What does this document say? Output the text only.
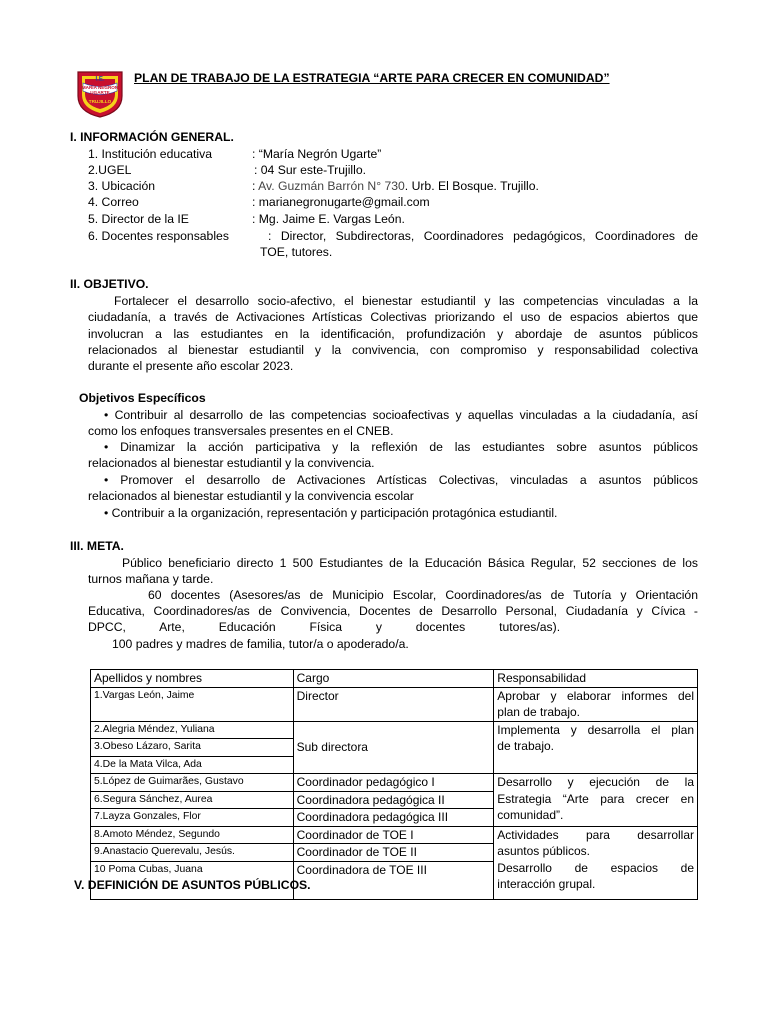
I.E.
MARIA NEGRON
UGARTE
TRUJILLO
PLAN DE TRABAJO DE LA ESTRATEGIA “ARTE PARA CRECER EN COMUNIDAD”
I. INFORMACIÓN GENERAL.
1. Institución educativa	: “María Negrón Ugarte”
2.UGEL	: 04 Sur este-Trujillo.
3. Ubicación	: Av. Guzmán Barrón N° 730. Urb. El Bosque. Trujillo.
4. Correo	: marianegronugarte@gmail.com
5. Director de la IE	: Mg. Jaime E. Vargas León.
6. Docentes responsables	: Director, Subdirectoras, Coordinadores pedagógicos, Coordinadores de
TOE, tutores.
II. OBJETIVO.
Fortalecer el desarrollo socio-afectivo, el bienestar estudiantil y las competencias vinculadas a la
ciudadanía, a través de Activaciones Artísticas Colectivas priorizando el uso de espacios abiertos que
involucran a las estudiantes en la identificación, profundización y abordaje de asuntos públicos
relacionados al bienestar estudiantil y la convivencia, con compromiso y responsabilidad colectiva
durante el presente año escolar 2023.
Objetivos Específicos
• Contribuir al desarrollo de las competencias socioafectivas y aquellas vinculadas a la ciudadanía, así
como los enfoques transversales presentes en el CNEB.
• Dinamizar la acción participativa y la reflexión de las estudiantes sobre asuntos públicos
relacionados al bienestar estudiantil y la convivencia.
• Promover el desarrollo de Activaciones Artísticas Colectivas, vinculadas a asuntos públicos
relacionados al bienestar estudiantil y la convivencia escolar
• Contribuir a la organización, representación y participación protagónica estudiantil.
III. META.
Público beneficiario directo 1 500 Estudiantes de la Educación Básica Regular, 52 secciones de los
turnos mañana y tarde.
60 docentes (Asesores/as de Municipio Escolar, Coordinadores/as de Tutoría y Orientación
Educativa, Coordinadores/as de Convivencia, Docentes de Desarrollo Personal, Ciudadanía y Cívica -
DPCC,          Arte,          Educación          Física          y          docentes          tutores/as).
100 padres y madres de familia, tutor/a o apoderado/a.
Apellidos y nombres	Cargo	Responsabilidad
1.Vargas León, Jaime	Director	Aprobar y elaborar informes del
plan de trabajo.

2.Alegria Méndez, Yuliana	Sub directora	Implementa y desarrolla el plan
de trabajo.

3.Obeso Lázaro, Sarita		
4.De la Mata Vilca, Ada		
5.López de Guimarães, Gustavo	Coordinador pedagógico I	Desarrollo y ejecución de la
Estrategia “Arte para crecer en
comunidad”.

6.Segura Sánchez, Aurea	Coordinadora pedagógica II	
7.Layza Gonzales, Flor	Coordinadora pedagógica III	
8.Amoto Méndez, Segundo	Coordinador de TOE I	Actividades para desarrollar
asuntos públicos.
Desarrollo de espacios de
interacción grupal.

9.Anastacio Querevalu, Jesús.	Coordinador de TOE II	
10 Poma Cubas, Juana	Coordinadora de TOE III	
V. DEFINICIÓN DE ASUNTOS PÚBLICOS.
